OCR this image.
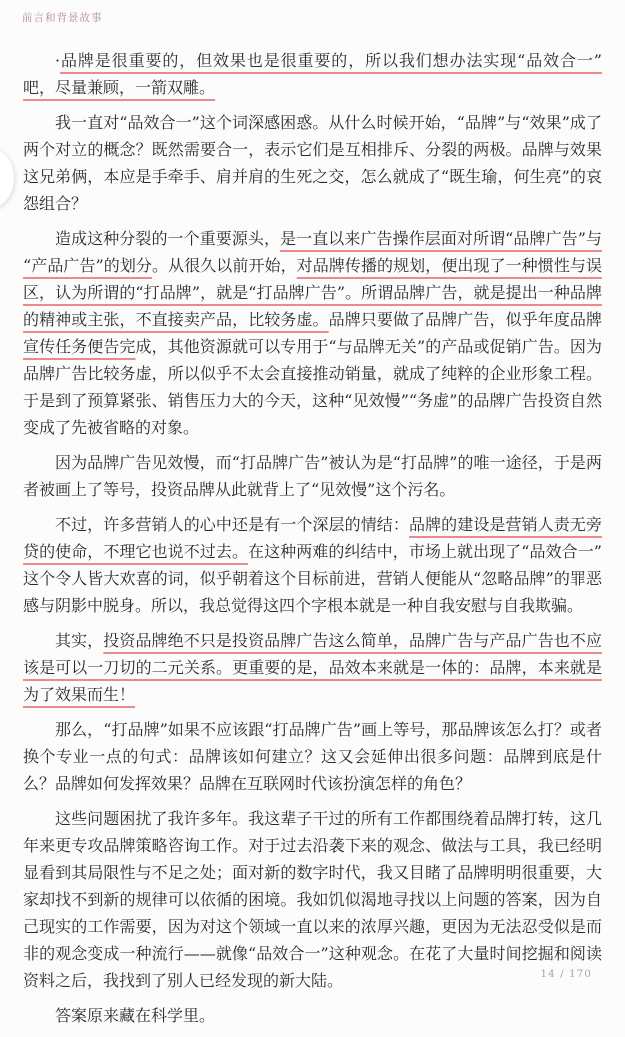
前言和背景故事

·品牌是很重要的，但效果也是很重要的，所以我们想办法实现“品效合一”吧，尽量兼顾，一箭双雕。

我一直对“品效合一”这个词深感困惑。从什么时候开始，“品牌”与“效果”成了两个对立的概念？既然需要合一，表示它们是互相排斥、分裂的两极。品牌与效果这兄弟俩，本应是手牵手、肩并肩的生死之交，怎么就成了“既生瑜，何生亮”的哀怨组合？

造成这种分裂的一个重要源头，是一直以来广告操作层面对所谓“品牌广告”与“产品广告”的划分。从很久以前开始，对品牌传播的规划，便出现了一种惯性与误区，认为所谓的“打品牌”，就是“打品牌广告”。所谓品牌广告，就是提出一种品牌的精神或主张，不直接卖产品，比较务虚。品牌只要做了品牌广告，似乎年度品牌宣传任务便告完成，其他资源就可以专用于“与品牌无关”的产品或促销广告。因为品牌广告比较务虚，所以似乎不太会直接推动销量，就成了纯粹的企业形象工程。于是到了预算紧张、销售压力大的今天，这种“见效慢”“务虚”的品牌广告投资自然变成了先被省略的对象。

因为品牌广告见效慢，而“打品牌广告”被认为是“打品牌”的唯一途径，于是两者被画上了等号，投资品牌从此就背上了“见效慢”这个污名。

不过，许多营销人的心中还是有一个深层的情结：品牌的建设是营销人责无旁贷的使命，不理它也说不过去。在这种两难的纠结中，市场上就出现了“品效合一”这个令人皆大欢喜的词，似乎朝着这个目标前进，营销人便能从“忽略品牌”的罪恶感与阴影中脱身。所以，我总觉得这四个字根本就是一种自我安慰与自我欺骗。

其实，投资品牌绝不只是投资品牌广告这么简单，品牌广告与产品广告也不应该是可以一刀切的二元关系。更重要的是，品效本来就是一体的：品牌，本来就是为了效果而生！

那么，“打品牌”如果不应该跟“打品牌广告”画上等号，那品牌该怎么打？或者换个专业一点的句式：品牌该如何建立？这又会延伸出很多问题：品牌到底是什么？品牌如何发挥效果？品牌在互联网时代该扮演怎样的角色？

这些问题困扰了我许多年。我这辈子干过的所有工作都围绕着品牌打转，这几年来更专攻品牌策略咨询工作。对于过去沿袭下来的观念、做法与工具，我已经明显看到其局限性与不足之处；面对新的数字时代，我又目睹了品牌明明很重要，大家却找不到新的规律可以依循的困境。我如饥似渴地寻找以上问题的答案，因为自己现实的工作需要，因为对这个领域一直以来的浓厚兴趣，更因为无法忍受似是而非的观念变成一种流行——就像“品效合一”这种观念。在花了大量时间挖掘和阅读资料之后，我找到了别人已经发现的新大陆。

答案原来藏在科学里。

14 / 170
